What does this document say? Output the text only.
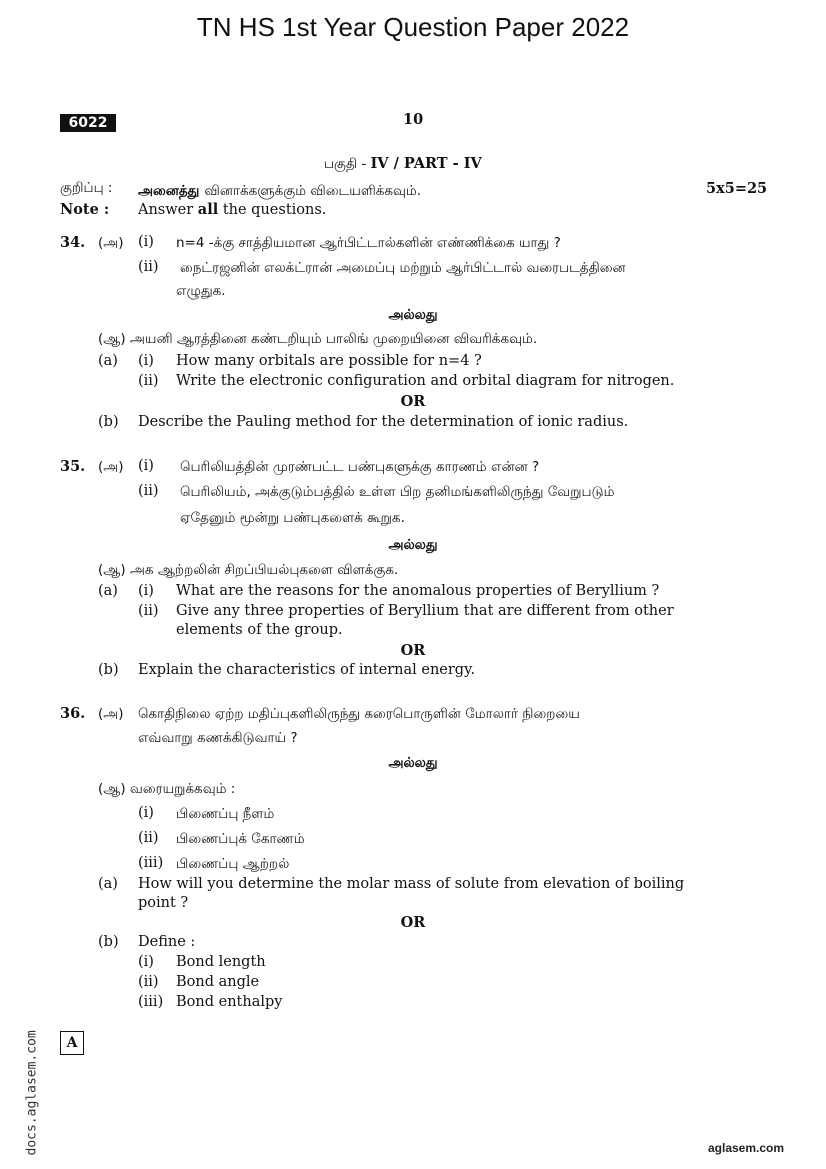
TN HS 1st Year Question Paper 2022
6022	10
பகுதி - IV / PART - IV
குறிப்பு : அனைத்து வினாக்களுக்கும் விடையளிக்கவும்.	5x5=25
Note : Answer all the questions.
34. (அ) (i) n=4 -க்கு சாத்தியமான ஆர்பிட்டால்களின் எண்ணிக்கை யாது ?
(ii) நைட்ரஜனின் எலக்ட்ரான் அமைப்பு மற்றும் ஆர்பிட்டால் வரைபடத்தினை
எழுதுக.
அல்லது
(ஆ) அயனி ஆரத்தினை கண்டறியும் பாலிங் முறையினை விவரிக்கவும்.
(a) (i) How many orbitals are possible for n=4 ?
(ii) Write the electronic configuration and orbital diagram for nitrogen.
OR
(b) Describe the Pauling method for the determination of ionic radius.
35. (அ) (i) பெரிலியத்தின் முரண்பட்ட பண்புகளுக்கு காரணம் என்ன ?
(ii) பெரிலியம், அக்குடும்பத்தில் உள்ள பிற தனிமங்களிலிருந்து வேறுபடும்
ஏதேனும் மூன்று பண்புகளைக் கூறுக.
அல்லது
(ஆ) அக ஆற்றலின் சிறப்பியல்புகளை விளக்குக.
(a) (i) What are the reasons for the anomalous properties of Beryllium ?
(ii) Give any three properties of Beryllium that are different from other
elements of the group.
OR
(b) Explain the characteristics of internal energy.
36. (அ) கொதிநிலை ஏற்ற மதிப்புகளிலிருந்து கரைபொருளின் மோலார் நிறையை
எவ்வாறு கணக்கிடுவாய் ?
அல்லது
(ஆ) வரையறுக்கவும் :
(i) பிணைப்பு நீளம்
(ii) பிணைப்புக் கோணம்
(iii) பிணைப்பு ஆற்றல்
(a) How will you determine the molar mass of solute from elevation of boiling
point ?
OR
(b) Define :
(i) Bond length
(ii) Bond angle
(iii) Bond enthalpy
A
docs.aglasem.com	aglasem.com
